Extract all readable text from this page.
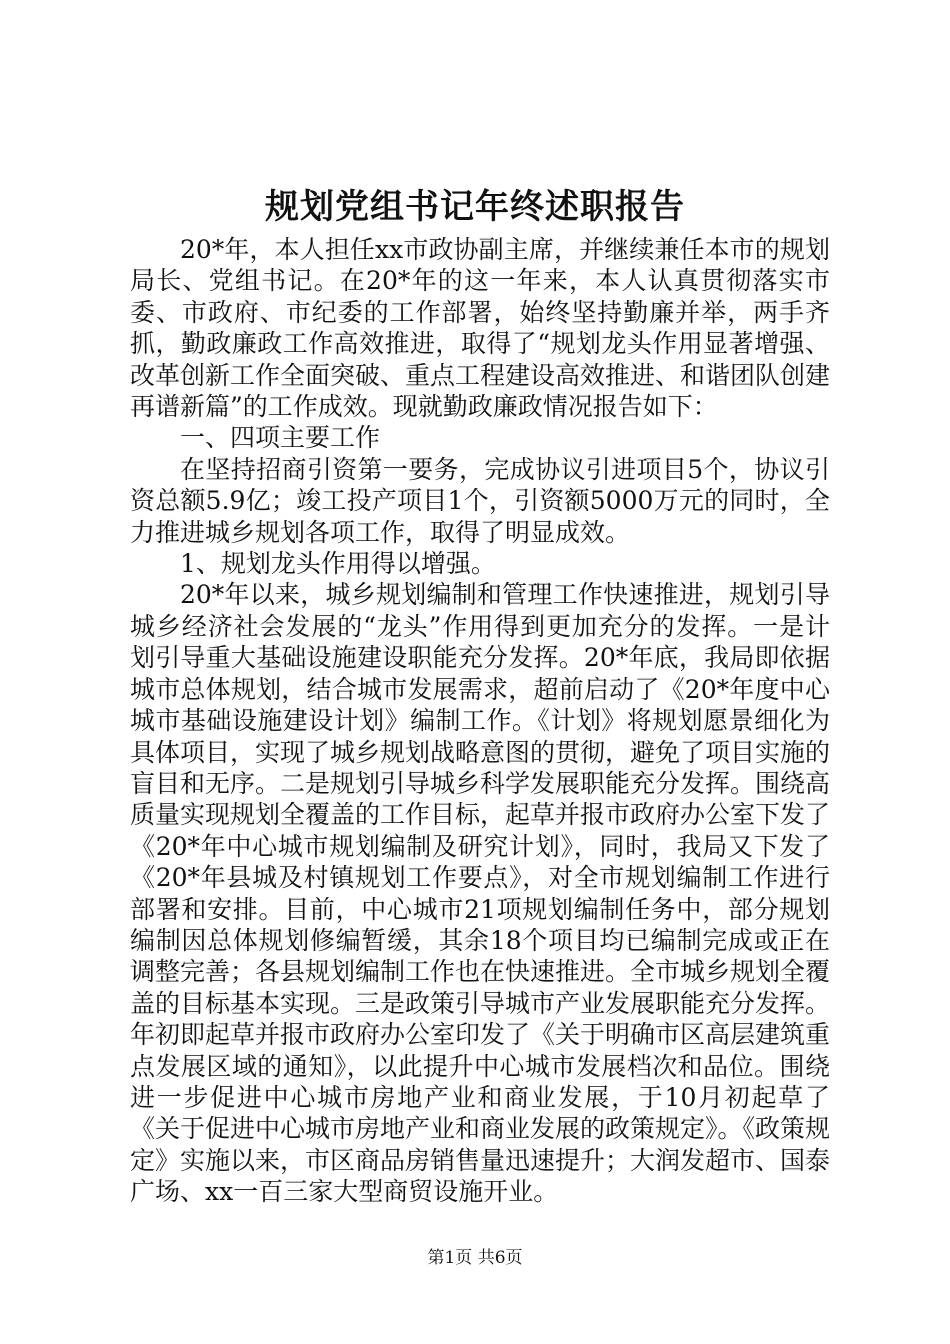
规划党组书记年终述职报告

20*年，本人担任xx市政协副主席，并继续兼任本市的规划局长、党组书记。在20*年的这一年来，本人认真贯彻落实市委、市政府、市纪委的工作部署，始终坚持勤廉并举，两手齐抓，勤政廉政工作高效推进，取得了“规划龙头作用显著增强、改革创新工作全面突破、重点工程建设高效推进、和谐团队创建再谱新篇”的工作成效。现就勤政廉政情况报告如下：

一、四项主要工作

在坚持招商引资第一要务，完成协议引进项目5个，协议引资总额5.9亿；竣工投产项目1个，引资额5000万元的同时，全力推进城乡规划各项工作，取得了明显成效。

1、规划龙头作用得以增强。

20*年以来，城乡规划编制和管理工作快速推进，规划引导城乡经济社会发展的“龙头”作用得到更加充分的发挥。一是计划引导重大基础设施建设职能充分发挥。20*年底，我局即依据城市总体规划，结合城市发展需求，超前启动了《20*年度中心城市基础设施建设计划》编制工作。《计划》将规划愿景细化为具体项目，实现了城乡规划战略意图的贯彻，避免了项目实施的盲目和无序。二是规划引导城乡科学发展职能充分发挥。围绕高质量实现规划全覆盖的工作目标，起草并报市政府办公室下发了《20*年中心城市规划编制及研究计划》，同时，我局又下发了《20*年县城及村镇规划工作要点》，对全市规划编制工作进行部署和安排。目前，中心城市21项规划编制任务中，部分规划编制因总体规划修编暂缓，其余18个项目均已编制完成或正在调整完善；各县规划编制工作也在快速推进。全市城乡规划全覆盖的目标基本实现。三是政策引导城市产业发展职能充分发挥。年初即起草并报市政府办公室印发了《关于明确市区高层建筑重点发展区域的通知》，以此提升中心城市发展档次和品位。围绕进一步促进中心城市房地产业和商业发展，于10月初起草了《关于促进中心城市房地产业和商业发展的政策规定》。《政策规定》实施以来，市区商品房销售量迅速提升；大润发超市、国泰广场、xx一百三家大型商贸设施开业。

第1页 共6页
